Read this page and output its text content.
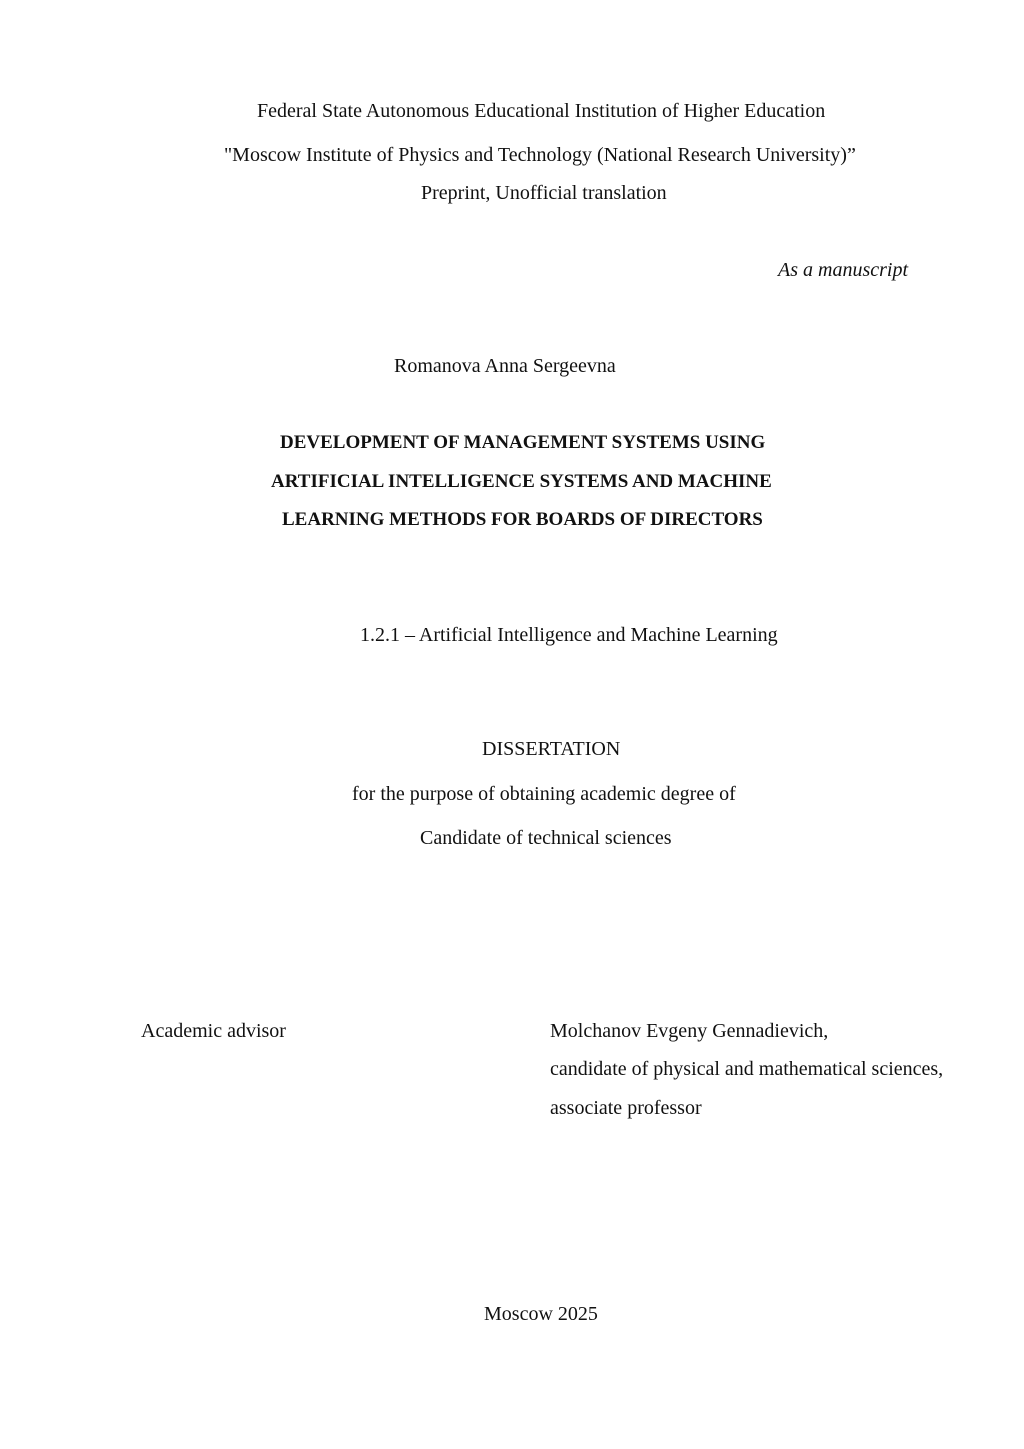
Federal State Autonomous Educational Institution of Higher Education
"Moscow Institute of Physics and Technology (National Research University)”
Preprint, Unofficial translation
As a manuscript
Romanova Anna Sergeevna
DEVELOPMENT OF MANAGEMENT SYSTEMS USING
ARTIFICIAL INTELLIGENCE SYSTEMS AND MACHINE
LEARNING METHODS FOR BOARDS OF DIRECTORS
1.2.1 – Artificial Intelligence and Machine Learning
DISSERTATION
for the purpose of obtaining academic degree of
Candidate of technical sciences
Academic advisor	Molchanov Evgeny Gennadievich,
candidate of physical and mathematical sciences,
associate professor
Moscow 2025
